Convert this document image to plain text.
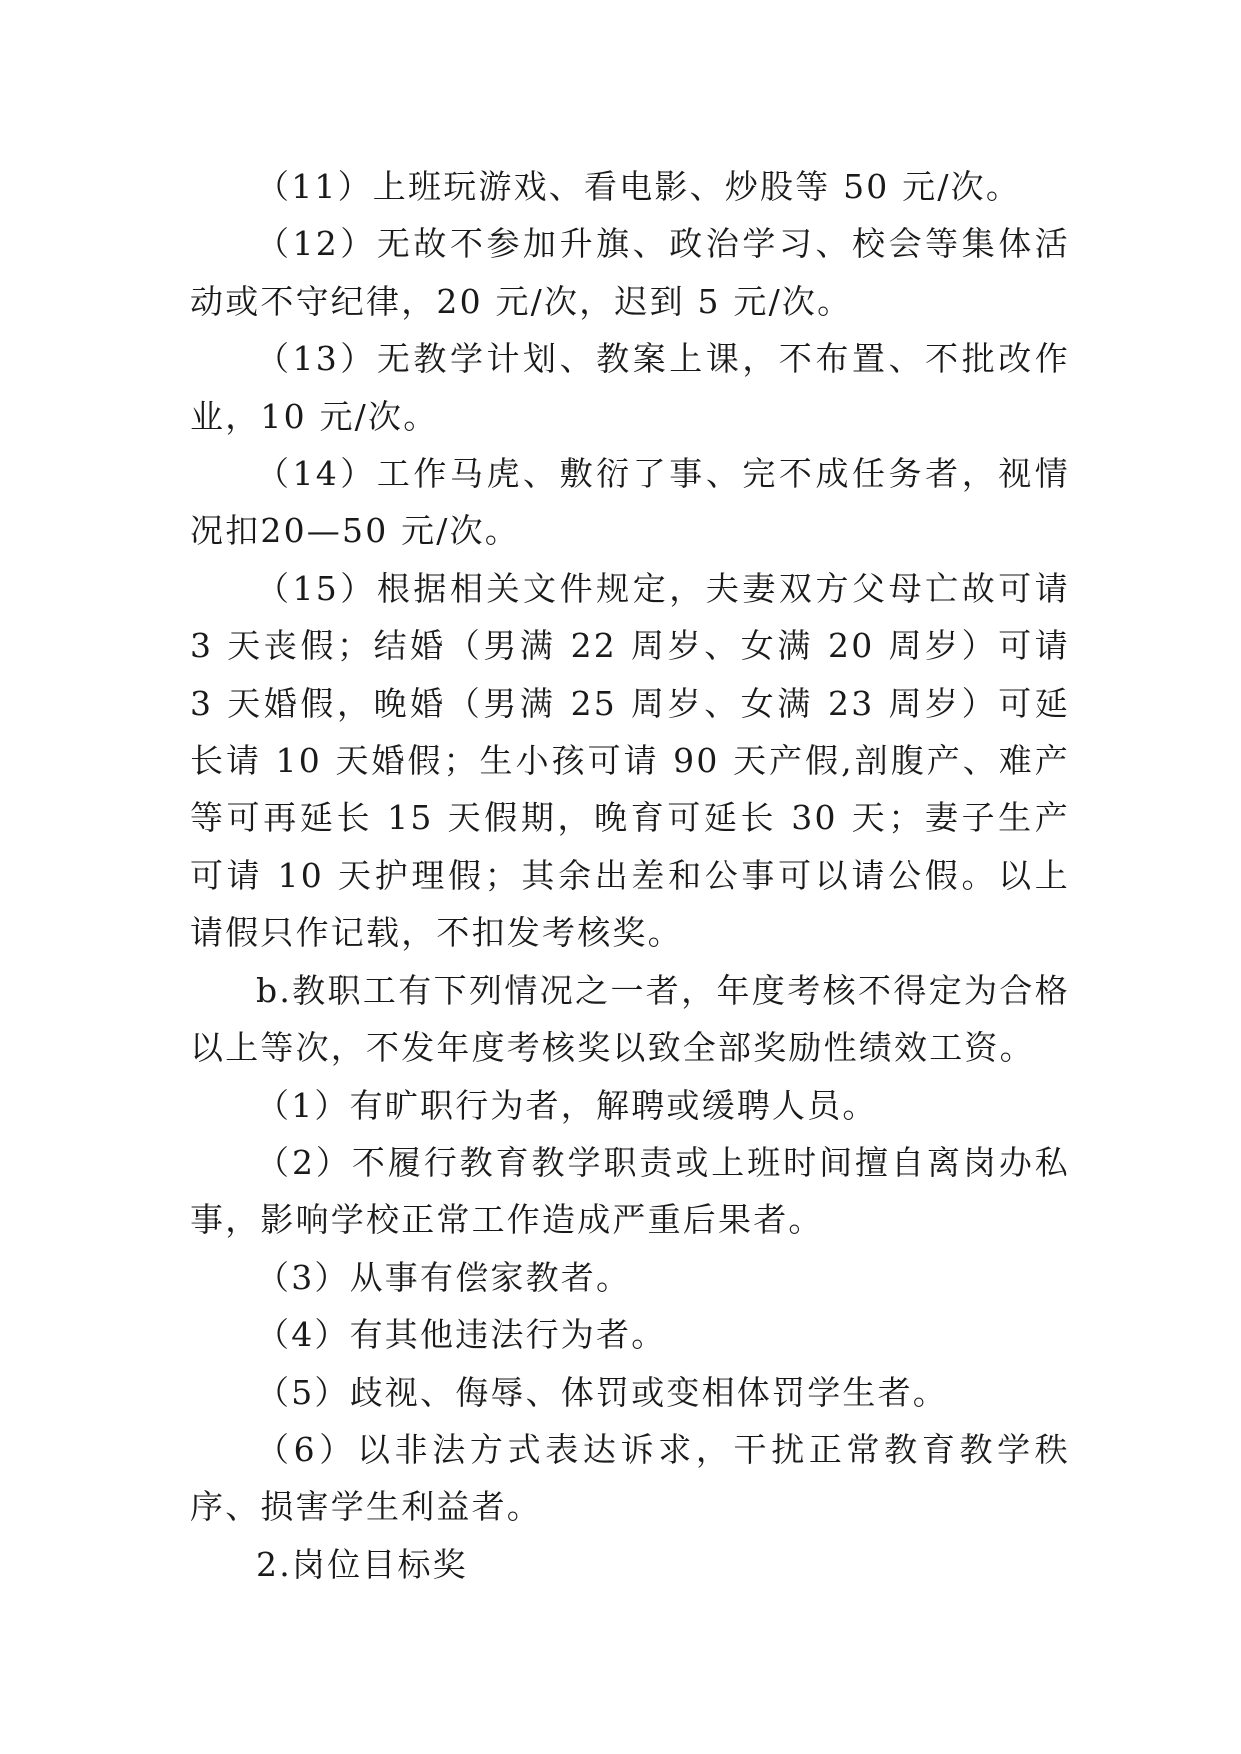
（11）上班玩游戏、看电影、炒股等 50 元/次。

（12）无故不参加升旗、政治学习、校会等集体活动或不守纪律，20 元/次，迟到 5 元/次。

（13）无教学计划、教案上课，不布置、不批改作业，10 元/次。

（14）工作马虎、敷衍了事、完不成任务者，视情况扣20—50 元/次。

（15）根据相关文件规定，夫妻双方父母亡故可请 3 天丧假；结婚（男满 22 周岁、女满 20 周岁）可请 3 天婚假，晚婚（男满 25 周岁、女满 23 周岁）可延长请 10 天婚假；生小孩可请 90 天产假,剖腹产、难产等可再延长 15 天假期，晚育可延长 30 天；妻子生产可请 10 天护理假；其余出差和公事可以请公假。以上请假只作记载，不扣发考核奖。

b.教职工有下列情况之一者，年度考核不得定为合格以上等次，不发年度考核奖以致全部奖励性绩效工资。

（1）有旷职行为者，解聘或缓聘人员。

（2）不履行教育教学职责或上班时间擅自离岗办私事，影响学校正常工作造成严重后果者。

（3）从事有偿家教者。

（4）有其他违法行为者。

（5）歧视、侮辱、体罚或变相体罚学生者。

（6）以非法方式表达诉求，干扰正常教育教学秩序、损害学生利益者。

2.岗位目标奖
